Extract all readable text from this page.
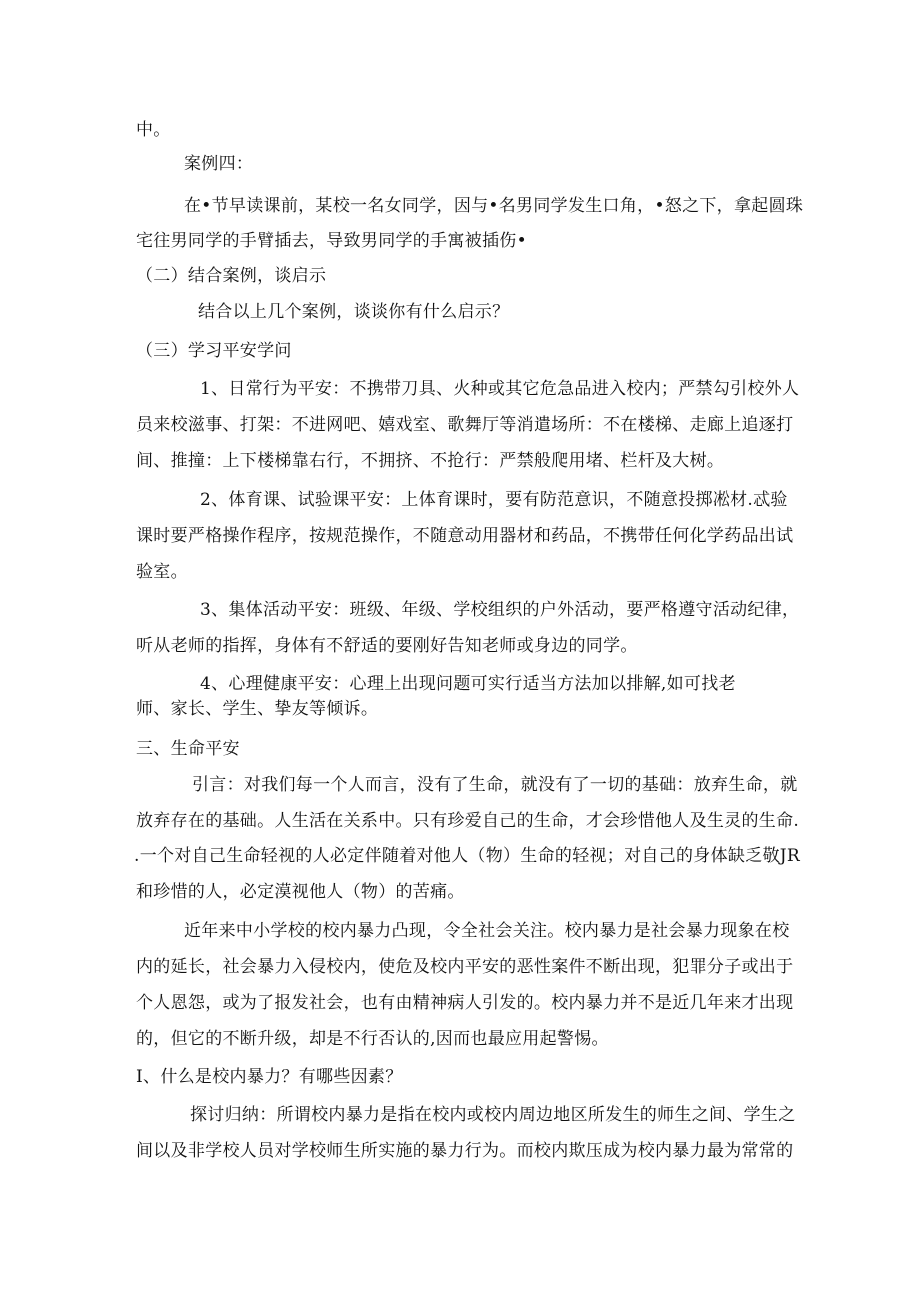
中。
案例四：
在•节早读课前，某校一名女同学，因与•名男同学发生口角，•怒之下，拿起圆珠
宅往男同学的手臂插去，导致男同学的手寓被插伤•
（二）结合案例，谈启示
结合以上几个案例，谈谈你有什么启示？
（三）学习平安学问
1、日常行为平安：不携带刀具、火种或其它危急品进入校内；严禁勾引校外人
员来校滋事、打架：不进网吧、嬉戏室、歌舞厅等消遣场所：不在楼梯、走廊上追逐打
间、推撞：上下楼梯靠右行，不拥挤、不抢行：严禁般爬用堵、栏杆及大树。
2、体育课、试验课平安：上体育课时，要有防范意识，不随意投掷凇材.忒验
课时要严格操作程序，按规范操作，不随意动用器材和药品，不携带任何化学药品出试
验室。
3、集体活动平安：班级、年级、学校组织的户外活动，要严格遵守活动纪律，
听从老师的指挥，身体有不舒适的要刚好告知老师或身边的同学。
4、心理健康平安：心理上出现问题可实行适当方法加以排解,如可找老
师、家长、学生、挚友等倾诉。
三、生命平安
引言：对我们每一个人而言，没有了生命，就没有了一切的基础：放弃生命，就
放弃存在的基础。人生活在关系中。只有珍爱自己的生命，才会珍惜他人及生灵的生命.
.一个对自己生命轻视的人必定伴随着对他人（物）生命的轻视；对自己的身体缺乏敬JR
和珍惜的人，必定漠视他人（物）的苦痛。
近年来中小学校的校内暴力凸现，令全社会关注。校内暴力是社会暴力现象在校
内的延长，社会暴力入侵校内，使危及校内平安的恶性案件不断出现，犯罪分子或出于
个人恩怨，或为了报发社会，也有由精神病人引发的。校内暴力并不是近几年来才出现
的，但它的不断升级，却是不行否认的,因而也最应用起警惕。
I、什么是校内暴力？有哪些因素？
探讨归纳：所谓校内暴力是指在校内或校内周边地区所发生的师生之间、学生之
间以及非学校人员对学校师生所实施的暴力行为。而校内欺压成为校内暴力最为常常的
